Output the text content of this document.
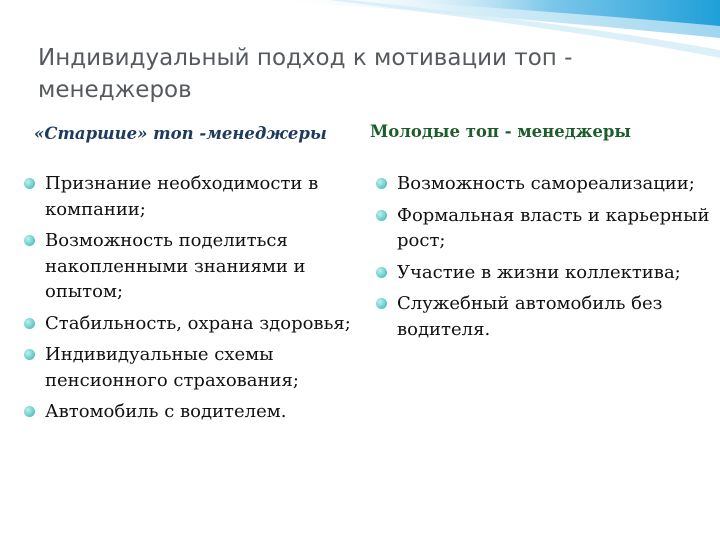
Индивидуальный подход к мотивации топ - менеджеров
«Старшие» топ -менеджеры	Молодые топ - менеджеры
Признание необходимости в компании;
Возможность поделиться накопленными знаниями и опытом;
Стабильность, охрана здоровья;
Индивидуальные схемы пенсионного страхования;
Автомобиль с водителем.
Возможность самореализации;
Формальная власть и карьерный рост;
Участие в жизни коллектива;
Служебный автомобиль без водителя.
